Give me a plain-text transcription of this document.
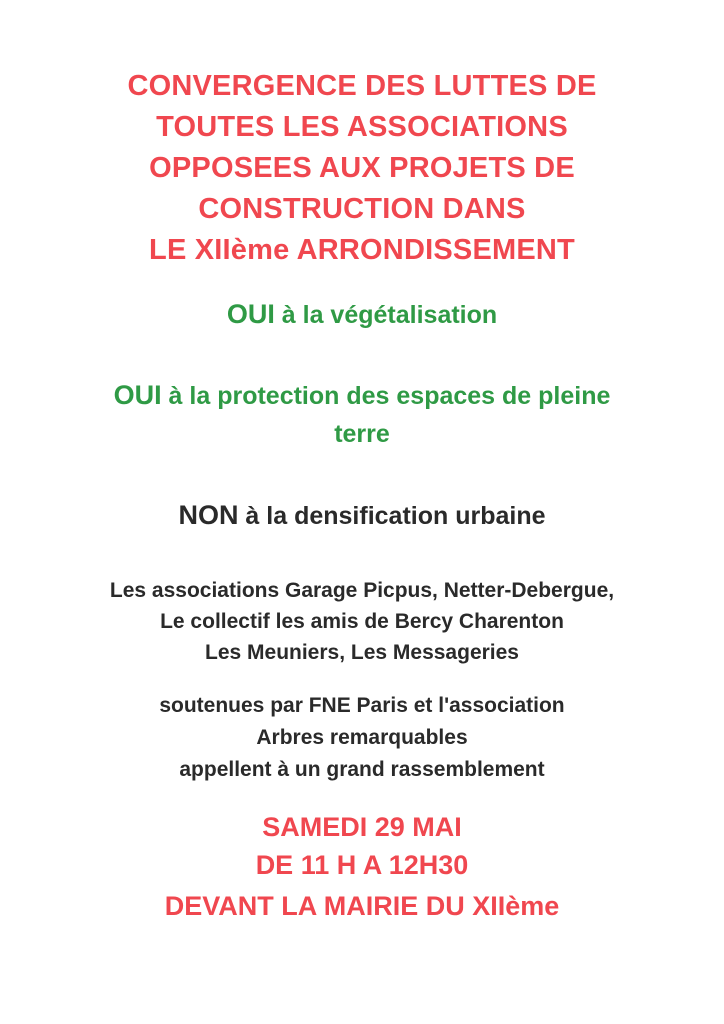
CONVERGENCE DES LUTTES DE
TOUTES LES ASSOCIATIONS
OPPOSEES AUX PROJETS DE
CONSTRUCTION DANS
LE XIIème ARRONDISSEMENT
OUI à la végétalisation
OUI à la protection des espaces de pleine
terre
NON à la densification urbaine
Les associations Garage Picpus, Netter-Debergue,
Le collectif les amis de Bercy Charenton
Les Meuniers, Les Messageries
soutenues par FNE Paris et l'association
Arbres remarquables
appellent à un grand rassemblement
SAMEDI 29 MAI
DE 11 H A 12H30
DEVANT LA MAIRIE DU XIIème
